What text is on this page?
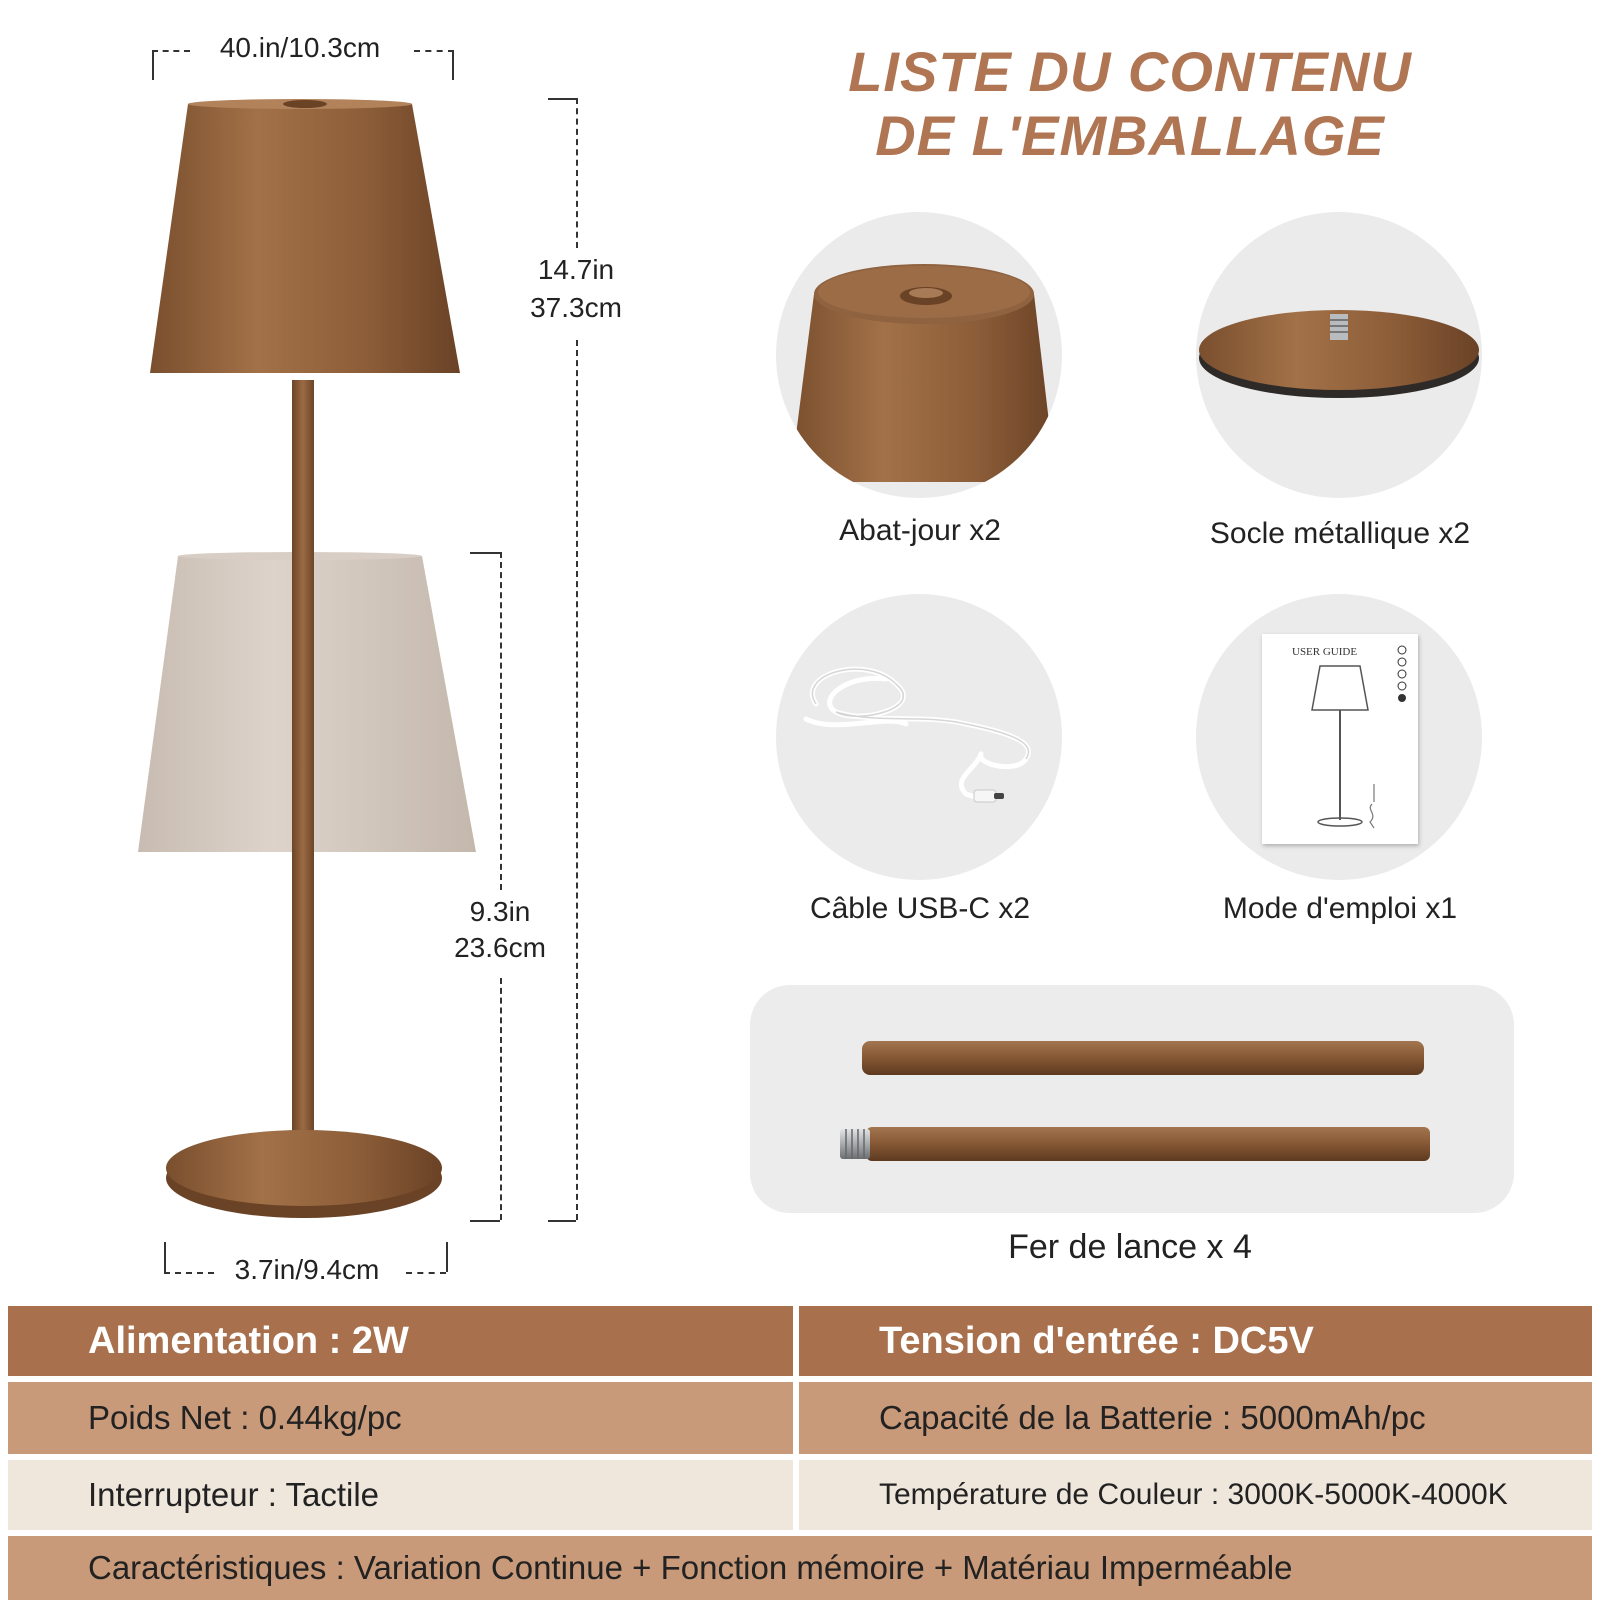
40.in/10.3cm
14.7in
37.3cm
9.3in
23.6cm
3.7in/9.4cm
LISTE DU CONTENU
DE L'EMBALLAGE
Abat-jour x2	Socle métallique x2
Câble USB-C x2
USER GUIDE
Mode d'emploi x1
Fer de lance x 4
Alimentation : 2W	Tension d'entrée : DC5V
Poids Net : 0.44kg/pc	Capacité de la Batterie : 5000mAh/pc
Interrupteur : Tactile	Température de Couleur : 3000K-5000K-4000K
Caractéristiques : Variation Continue + Fonction mémoire + Matériau Imperméable
